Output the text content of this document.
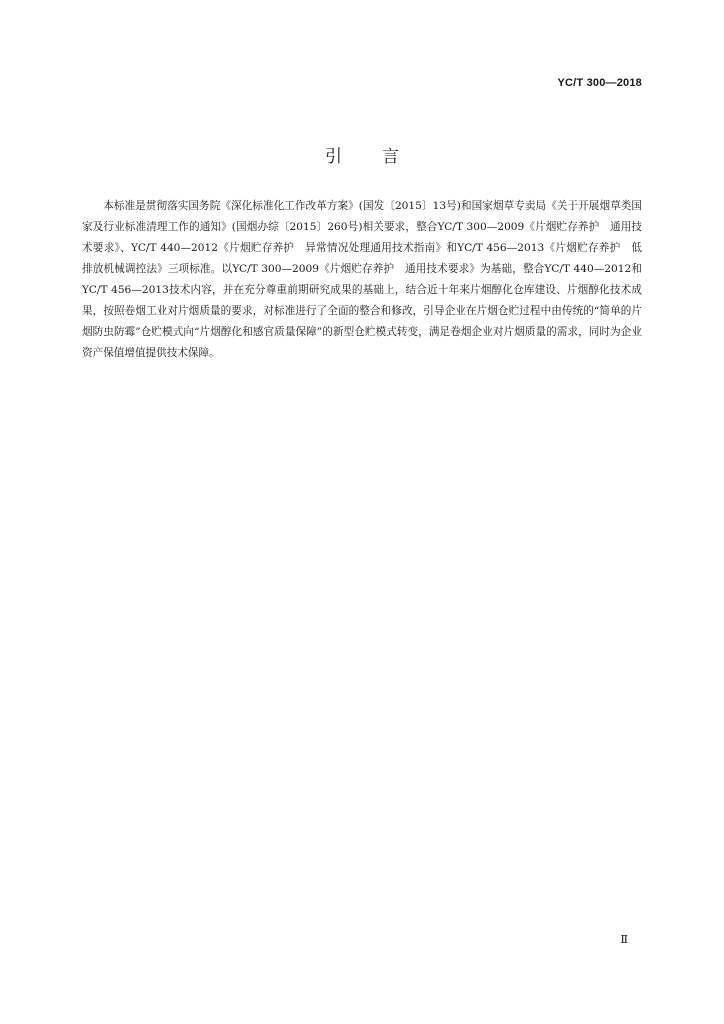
YC/T 300—2018
引言

本标准是贯彻落实国务院《深化标准化工作改革方案》(国发〔2015〕13号)和国家烟草专卖局《关于开展烟草类国家及行业标准清理工作的通知》(国烟办综〔2015〕260号)相关要求，整合YC/T 300—2009《片烟贮存养护　通用技术要求》、YC/T 440—2012《片烟贮存养护　异常情况处理通用技术指南》和YC/T 456—2013《片烟贮存养护　低排放机械调控法》三项标准。以YC/T 300—2009《片烟贮存养护　通用技术要求》为基础，整合YC/T 440—2012和YC/T 456—2013技术内容，并在充分尊重前期研究成果的基础上，结合近十年来片烟醇化仓库建设、片烟醇化技术成果，按照卷烟工业对片烟质量的要求，对标准进行了全面的整合和修改，引导企业在片烟仓贮过程中由传统的“简单的片烟防虫防霉”仓贮模式向“片烟醇化和感官质量保障”的新型仓贮模式转变，满足卷烟企业对片烟质量的需求，同时为企业资产保值增值提供技术保障。

Ⅱ
